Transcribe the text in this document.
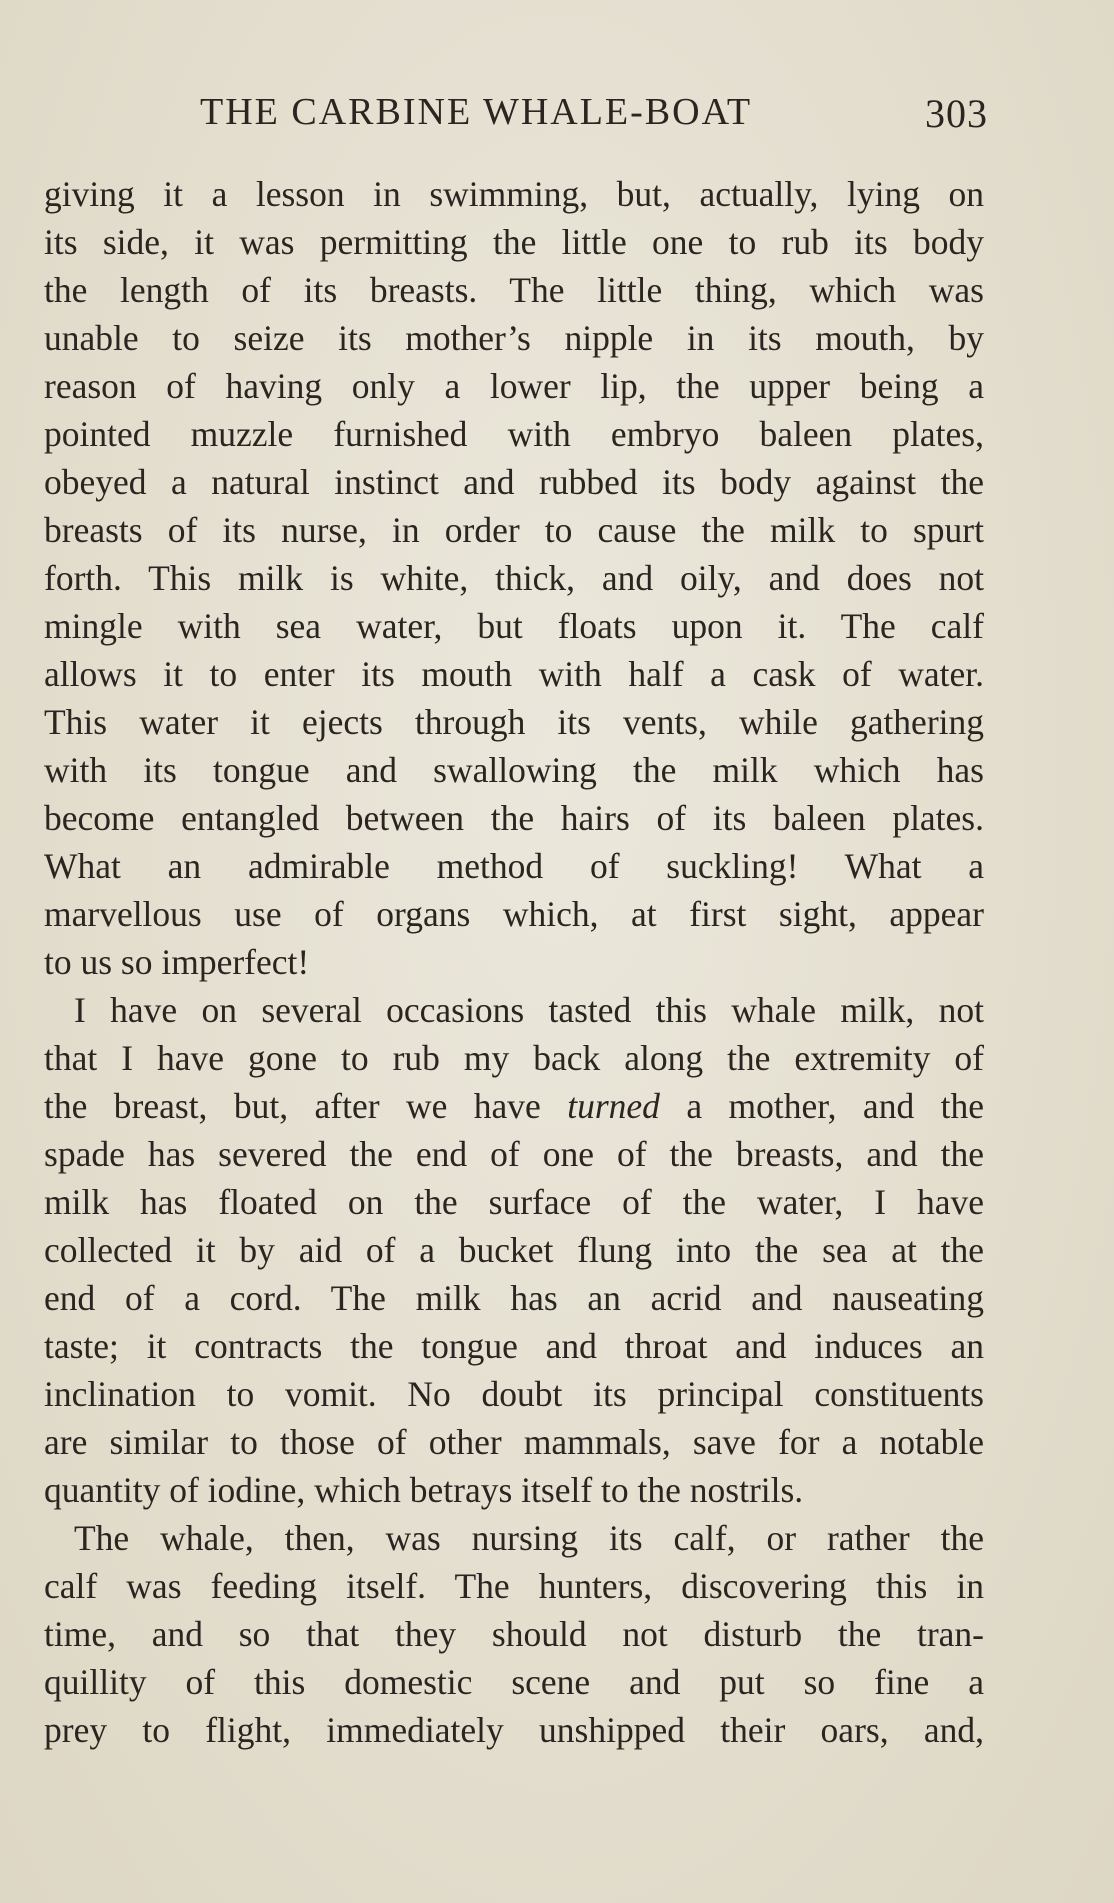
THE CARBINE WHALE-BOAT	303
giving it a lesson in swimming, but, actually, lying on
its side, it was permitting the little one to rub its body
the length of its breasts. The little thing, which was
unable to seize its mother’s nipple in its mouth, by
reason of having only a lower lip, the upper being a
pointed muzzle furnished with embryo baleen plates,
obeyed a natural instinct and rubbed its body against the
breasts of its nurse, in order to cause the milk to spurt
forth. This milk is white, thick, and oily, and does not
mingle with sea water, but floats upon it. The calf
allows it to enter its mouth with half a cask of water.
This water it ejects through its vents, while gathering
with its tongue and swallowing the milk which has
become entangled between the hairs of its baleen plates.
What an admirable method of suckling! What a
marvellous use of organs which, at first sight, appear
to us so imperfect!
I have on several occasions tasted this whale milk, not
that I have gone to rub my back along the extremity of
the breast, but, after we have turned a mother, and the
spade has severed the end of one of the breasts, and the
milk has floated on the surface of the water, I have
collected it by aid of a bucket flung into the sea at the
end of a cord. The milk has an acrid and nauseating
taste; it contracts the tongue and throat and induces an
inclination to vomit. No doubt its principal constituents
are similar to those of other mammals, save for a notable
quantity of iodine, which betrays itself to the nostrils.
The whale, then, was nursing its calf, or rather the
calf was feeding itself. The hunters, discovering this in
time, and so that they should not disturb the tran-
quillity of this domestic scene and put so fine a
prey to flight, immediately unshipped their oars, and,
